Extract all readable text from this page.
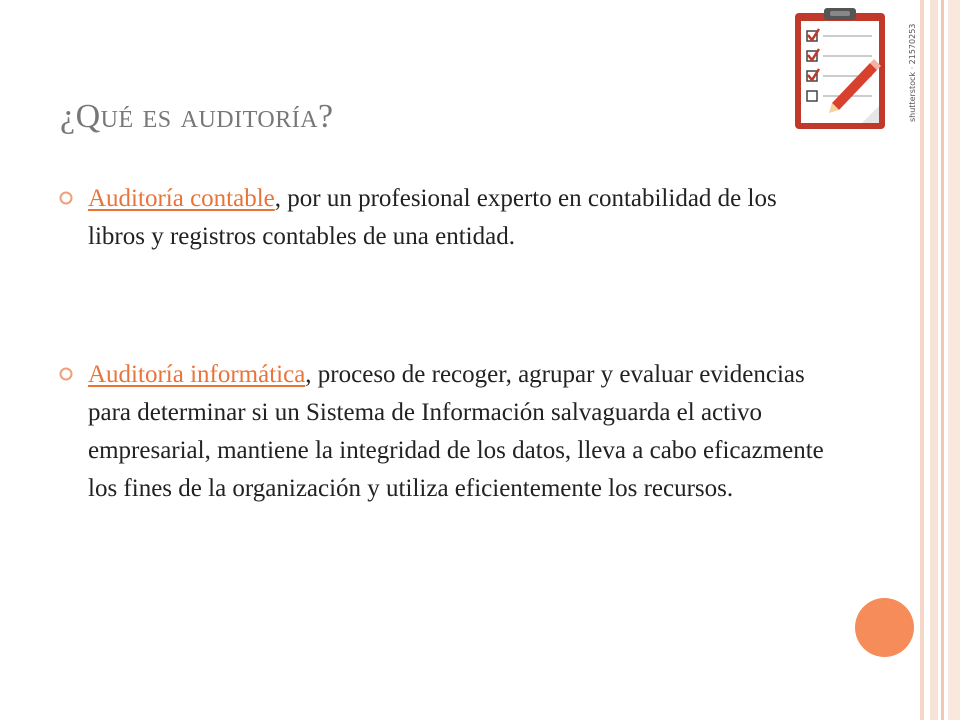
¿Qué es auditoría?	shutterstock · 21570253
Auditoría contable, por un profesional experto en contabilidad de los libros y registros contables de una entidad.
Auditoría informática, proceso de recoger, agrupar y evaluar evidencias para determinar si un Sistema de Información salvaguarda el activo empresarial, mantiene la integridad de los datos, lleva a cabo eficazmente los fines de la organización y utiliza eficientemente los recursos.
